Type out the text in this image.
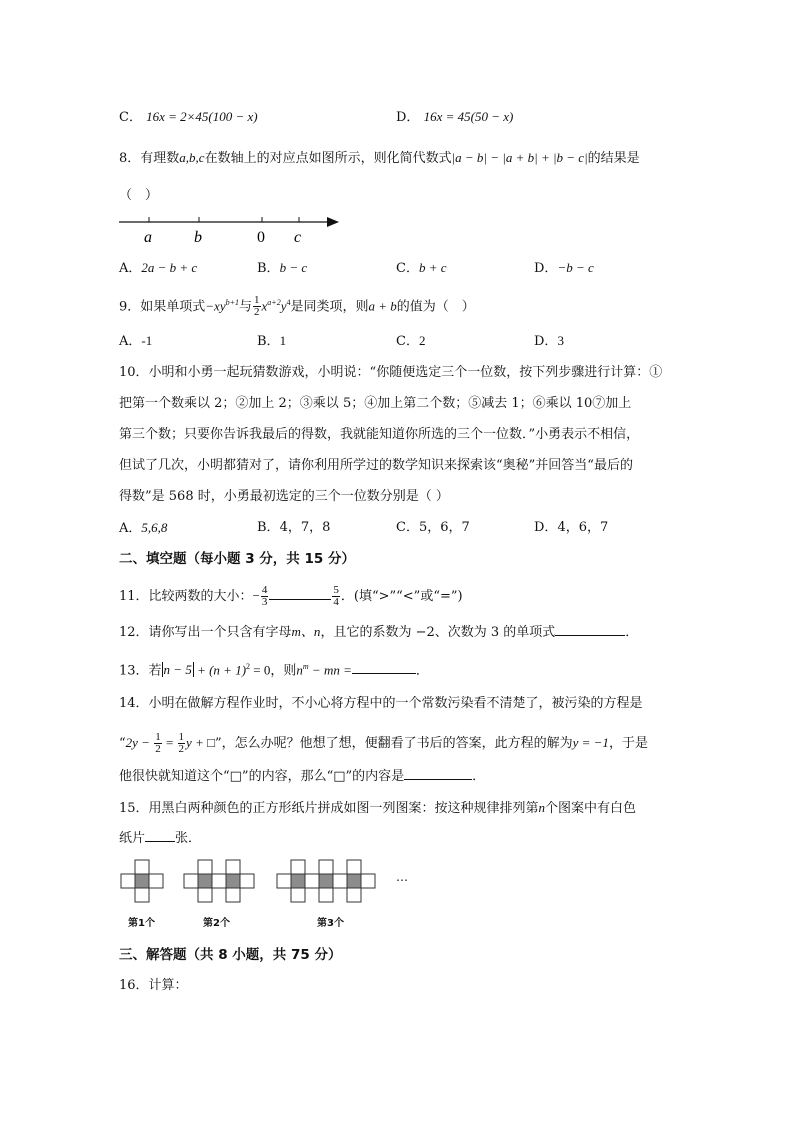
C． 16x = 2×45(100 − x)	D． 16x = 45(50 − x)
8．有理数a,b,c在数轴上的对应点如图所示，则化简代数式|a − b| − |a + b| + |b − c|的结果是
（　）
a	b	0 c
A．2a − b + c	B．b − c	C．b + c	D．−b − c
9．如果单项式$-xy^{b+1}$与 $\frac{1}{2} x^{a+2}y^4$是同类项，则a + b的值为（　）
A．-1	B．1	C．2	D．3
10．小明和小勇一起玩猜数游戏，小明说：“你随便选定三个一位数，按下列步骤进行计算：①
把第一个数乘以 2；②加上 2；③乘以 5；④加上第二个数；⑤减去 1；⑥乘以 10⑦加上
第三个数；只要你告诉我最后的得数，我就能知道你所选的三个一位数．”小勇表示不相信，
但试了几次，小明都猜对了，请你利用所学过的数学知识来探索该“奥秘”并回答当“最后的
得数”是 568 时，小勇最初选定的三个一位数分别是（ ）
A．5,6,8	B．4，7，8	C．5，6，7	D．4，6，7
二、填空题（每小题 3 分，共 15 分）
11．比较两数的大小：− $\frac{4}{3}$	$\frac{5}{4}$ ．(填“>”“<”或“=”)
12．请你写出一个只含有字母m、n，且它的系数为 −2、次数为 3 的单项式	．
13．若 $n - 5 + (n + 1)^2 = 0$，则$n^m$ − mn =	．
14．小明在做解方程作业时，不小心将方程中的一个常数污染看不清楚了，被污染的方程是
“$2y - \frac{1}{2} = \frac{1}{2}$ y + □”，怎么办呢？他想了想，便翻看了书后的答案，此方程的解为y = −1，于是
他很快就知道这个“□”的内容，那么“□”的内容是	．
15．用黑白两种颜色的正方形纸片拼成如图一列图案：按这种规律排列第n个图案中有白色
纸片 张．
⋯
第1个	第2个	第3个
三、解答题（共 8 小题，共 75 分）
16．计算：
